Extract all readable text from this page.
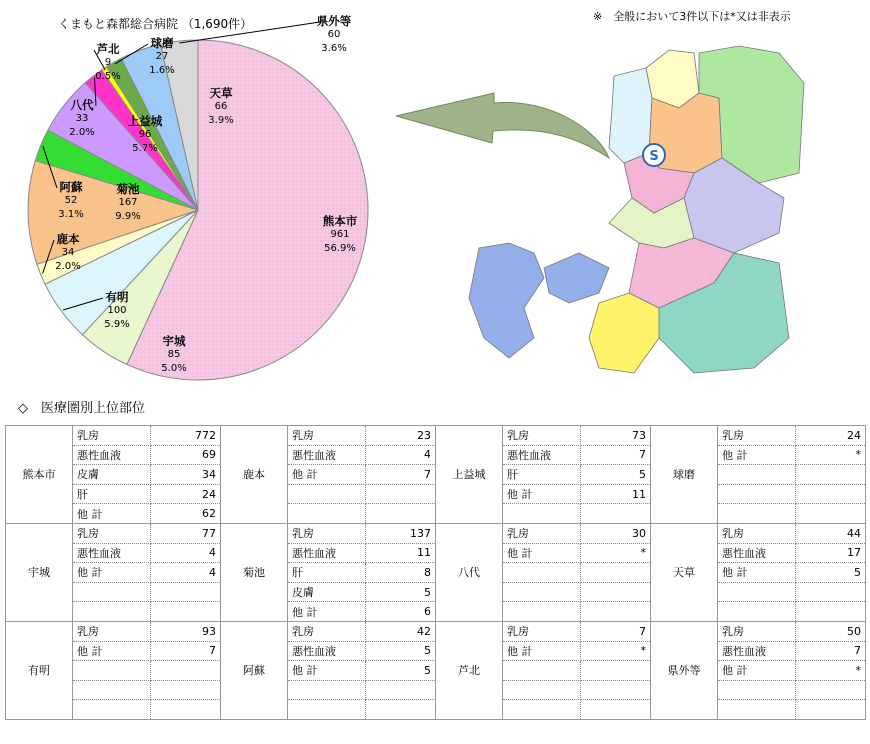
くまもと森都総合病院 （1,690件）
※　全般において3件以下は*又は非表示
熊本市
961
56.9%
宇城
85
5.0%
有明
100
5.9%
鹿本
34
2.0%
菊池
167
9.9%
阿蘇
52
3.1%
上益城
96
5.7%
八代
33
2.0%
芦北
9
0.5%
球磨
27
1.6%
天草
66
3.9%
県外等
60
3.6%
S
◇　医療圏別上位部位
熊本市	乳房	772	鹿本	乳房	23	上益城	乳房	73	球磨	乳房	24
	悪性血液	69		悪性血液	4		悪性血液	7		他 計	*
	皮膚	34		他 計	7		肝	5			
	肝	24					他 計	11			
	他 計	62									
宇城	乳房	77	菊池	乳房	137	八代	乳房	30	天草	乳房	44
	悪性血液	4		悪性血液	11		他 計	*		悪性血液	17
	他 計	4		肝	8					他 計	5
				皮膚	5						
				他 計	6						
有明	乳房	93	阿蘇	乳房	42	芦北	乳房	7	県外等	乳房	50
	他 計	7		悪性血液	5		他 計	*		悪性血液	7
				他 計	5					他 計	*
